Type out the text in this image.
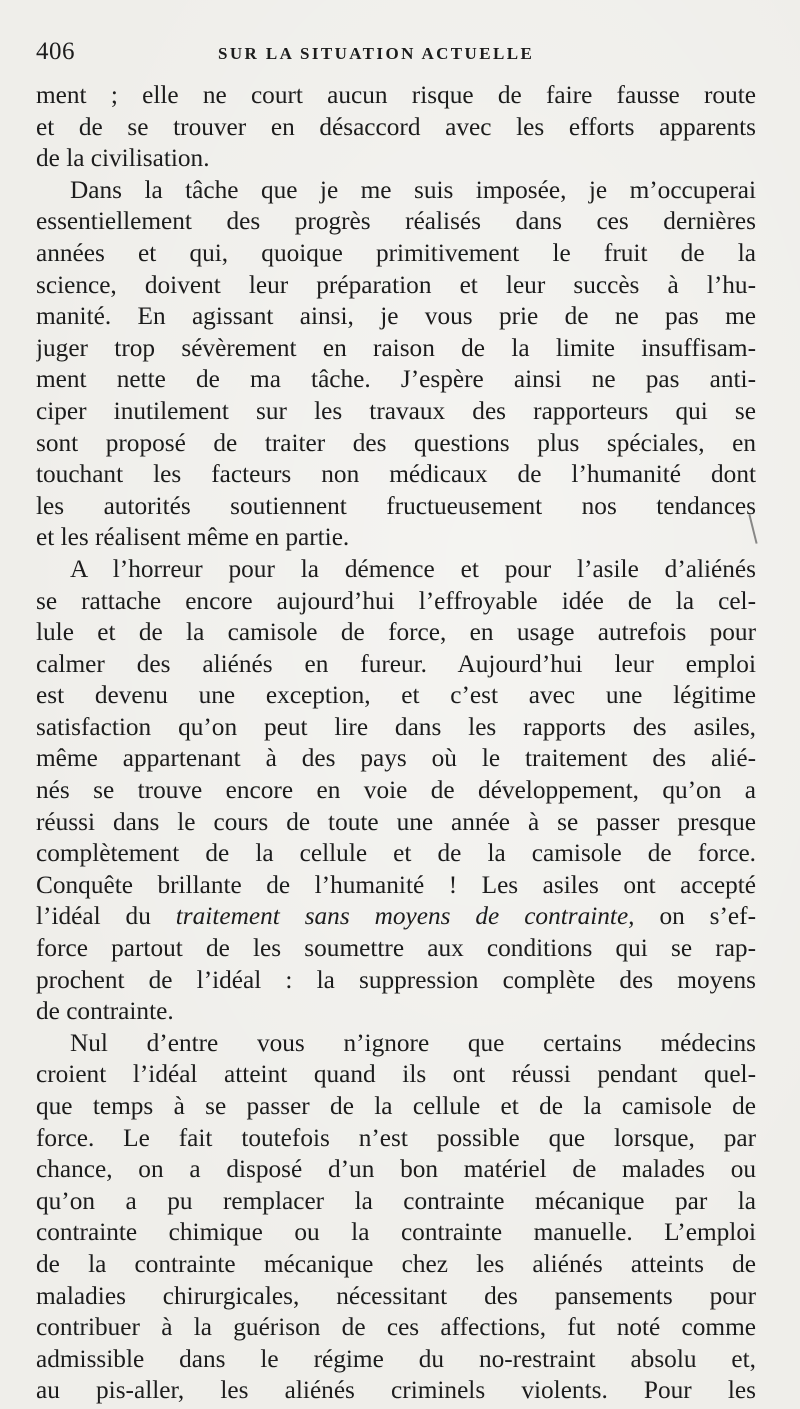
406	SUR LA SITUATION ACTUELLE
ment ; elle ne court aucun risque de faire fausse route
et de se trouver en désaccord avec les efforts apparents
de la civilisation.
Dans la tâche que je me suis imposée, je m’occuperai
essentiellement des progrès réalisés dans ces dernières
années et qui, quoique primitivement le fruit de la
science, doivent leur préparation et leur succès à l’hu-
manité. En agissant ainsi, je vous prie de ne pas me
juger trop sévèrement en raison de la limite insuffisam-
ment nette de ma tâche. J’espère ainsi ne pas anti-
ciper inutilement sur les travaux des rapporteurs qui se
sont proposé de traiter des questions plus spéciales, en
touchant les facteurs non médicaux de l’humanité dont
les autorités soutiennent fructueusement nos tendances
et les réalisent même en partie.
A l’horreur pour la démence et pour l’asile d’aliénés
se rattache encore aujourd’hui l’effroyable idée de la cel-
lule et de la camisole de force, en usage autrefois pour
calmer des aliénés en fureur. Aujourd’hui leur emploi
est devenu une exception, et c’est avec une légitime
satisfaction qu’on peut lire dans les rapports des asiles,
même appartenant à des pays où le traitement des alié-
nés se trouve encore en voie de développement, qu’on a
réussi dans le cours de toute une année à se passer presque
complètement de la cellule et de la camisole de force.
Conquête brillante de l’humanité ! Les asiles ont accepté
l’idéal du traitement sans moyens de contrainte, on s’ef-
force partout de les soumettre aux conditions qui se rap-
prochent de l’idéal : la suppression complète des moyens
de contrainte.
Nul d’entre vous n’ignore que certains médecins
croient l’idéal atteint quand ils ont réussi pendant quel-
que temps à se passer de la cellule et de la camisole de
force. Le fait toutefois n’est possible que lorsque, par
chance, on a disposé d’un bon matériel de malades ou
qu’on a pu remplacer la contrainte mécanique par la
contrainte chimique ou la contrainte manuelle. L’emploi
de la contrainte mécanique chez les aliénés atteints de
maladies chirurgicales, nécessitant des pansements pour
contribuer à la guérison de ces affections, fut noté comme
admissible dans le régime du no-restraint absolu et,
au pis-aller, les aliénés criminels violents. Pour les
